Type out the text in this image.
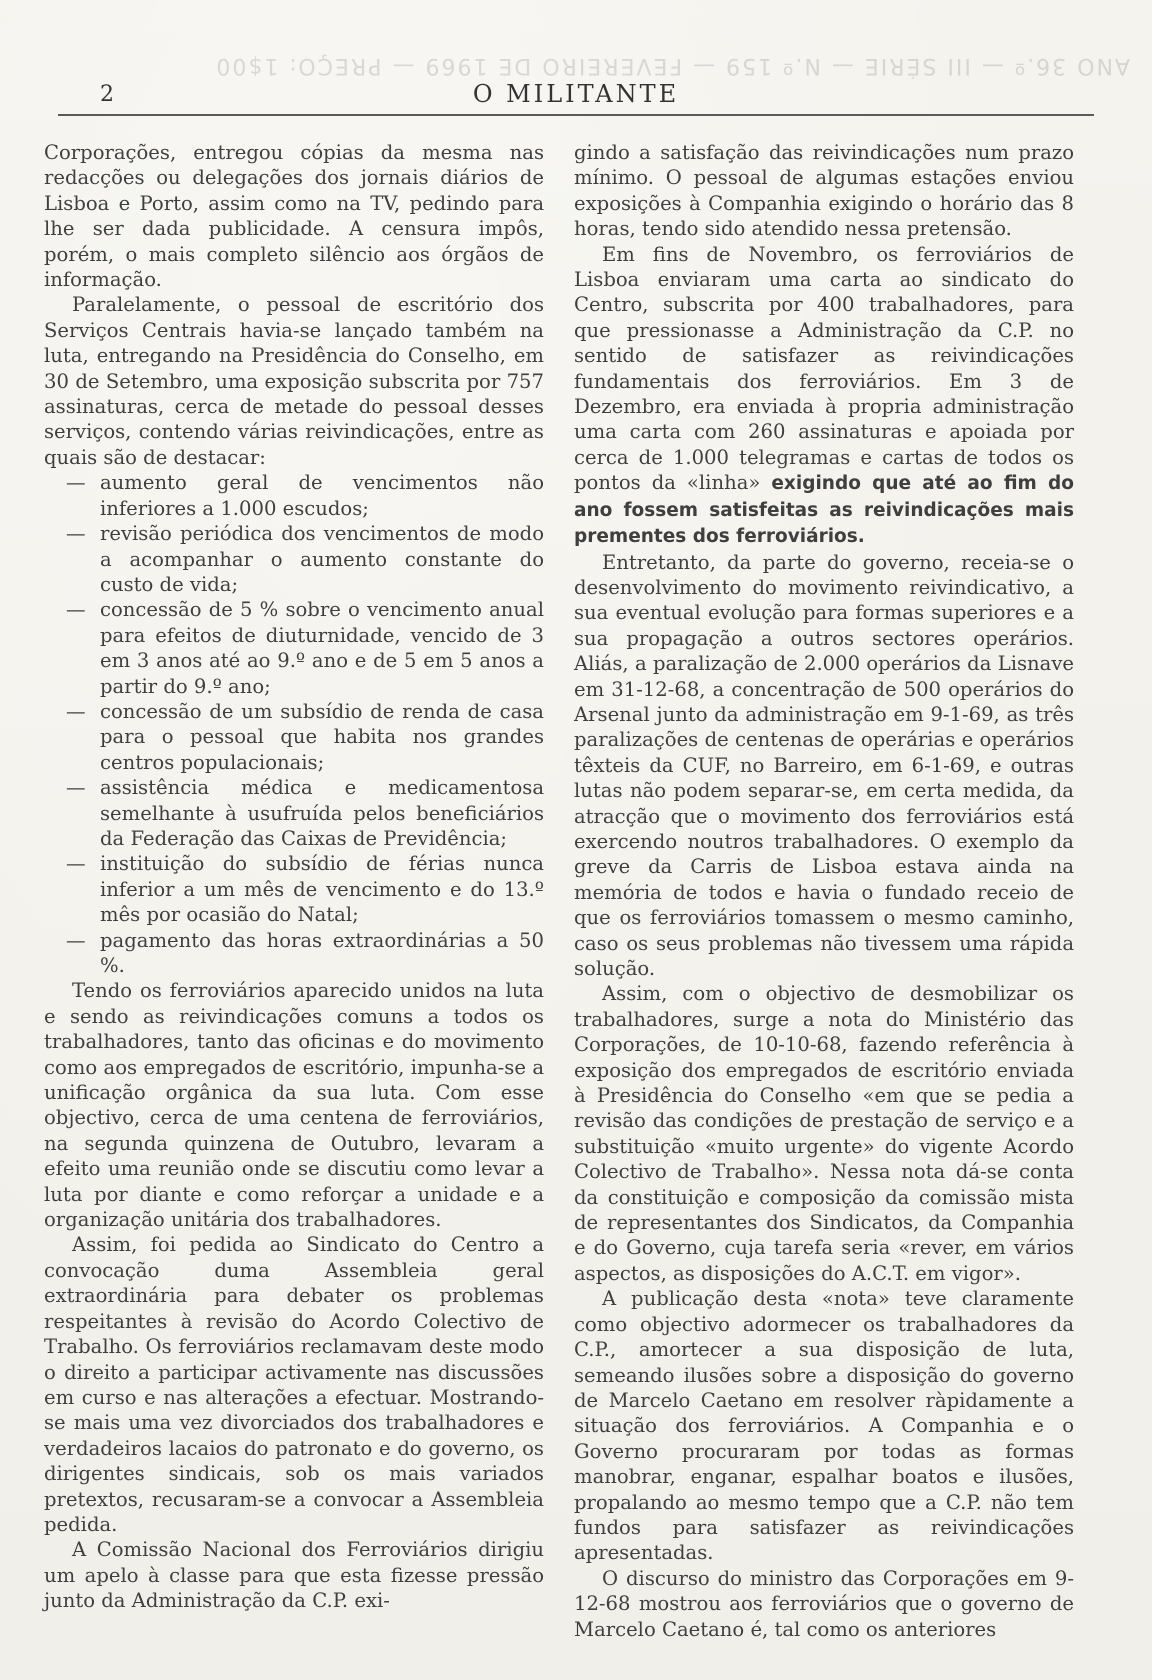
ANO 36.º — III SÉRIE — N.º 159 — FEVEREIRO DE 1969 — PREÇO: 1$00
2	O MILITANTE

Corporações, entregou cópias da mesma nas redacções ou delegações dos jornais diários de Lisboa e Porto, assim como na TV, pedindo para lhe ser dada publicidade. A censura impôs, porém, o mais completo silêncio aos órgãos de informação.

Paralelamente, o pessoal de escritório dos Serviços Centrais havia-se lançado também na luta, entregando na Presidência do Conselho, em 30 de Setembro, uma exposição subscrita por 757 assinaturas, cerca de metade do pessoal desses serviços, contendo várias reivindicações, entre as quais são de destacar:

— aumento geral de vencimentos não inferiores a 1.000 escudos;
— revisão periódica dos vencimentos de modo a acompanhar o aumento constante do custo de vida;
— concessão de 5 % sobre o vencimento anual para efeitos de diuturnidade, vencido de 3 em 3 anos até ao 9.º ano e de 5 em 5 anos a partir do 9.º ano;
— concessão de um subsídio de renda de casa para o pessoal que habita nos grandes centros populacionais;
— assistência médica e medicamentosa semelhante à usufruída pelos beneficiários da Federação das Caixas de Previdência;
— instituição do subsídio de férias nunca inferior a um mês de vencimento e do 13.º mês por ocasião do Natal;
— pagamento das horas extraordinárias a 50 %.

Tendo os ferroviários aparecido unidos na luta e sendo as reivindicações comuns a todos os trabalhadores, tanto das oficinas e do movimento como aos empregados de escritório, impunha-se a unificação orgânica da sua luta. Com esse objectivo, cerca de uma centena de ferroviários, na segunda quinzena de Outubro, levaram a efeito uma reunião onde se discutiu como levar a luta por diante e como reforçar a unidade e a organização unitária dos trabalhadores.

Assim, foi pedida ao Sindicato do Centro a convocação duma Assembleia geral extraordinária para debater os problemas respeitantes à revisão do Acordo Colectivo de Trabalho. Os ferroviários reclamavam deste modo o direito a participar activamente nas discussões em curso e nas alterações a efectuar. Mostrando-se mais uma vez divorciados dos trabalhadores e verdadeiros lacaios do patronato e do governo, os dirigentes sindicais, sob os mais variados pretextos, recusaram-se a convocar a Assembleia pedida.

A Comissão Nacional dos Ferroviários dirigiu um apelo à classe para que esta fizesse pressão junto da Administração da C.P. exi-

gindo a satisfação das reivindicações num prazo mínimo. O pessoal de algumas estações enviou exposições à Companhia exigindo o horário das 8 horas, tendo sido atendido nessa pretensão.

Em fins de Novembro, os ferroviários de Lisboa enviaram uma carta ao sindicato do Centro, subscrita por 400 trabalhadores, para que pressionasse a Administração da C.P. no sentido de satisfazer as reivindicações fundamentais dos ferroviários. Em 3 de Dezembro, era enviada à propria administração uma carta com 260 assinaturas e apoiada por cerca de 1.000 telegramas e cartas de todos os pontos da «linha» exigindo que até ao fim do ano fossem satisfeitas as reivindicações mais prementes dos ferroviários.

Entretanto, da parte do governo, receia-se o desenvolvimento do movimento reivindicativo, a sua eventual evolução para formas superiores e a sua propagação a outros sectores operários. Aliás, a paralização de 2.000 operários da Lisnave em 31-12-68, a concentração de 500 operários do Arsenal junto da administração em 9-1-69, as três paralizações de centenas de operárias e operários têxteis da CUF, no Barreiro, em 6-1-69, e outras lutas não podem separar-se, em certa medida, da atracção que o movimento dos ferroviários está exercendo noutros trabalhadores. O exemplo da greve da Carris de Lisboa estava ainda na memória de todos e havia o fundado receio de que os ferroviários tomassem o mesmo caminho, caso os seus problemas não tivessem uma rápida solução.

Assim, com o objectivo de desmobilizar os trabalhadores, surge a nota do Ministério das Corporações, de 10-10-68, fazendo referência à exposição dos empregados de escritório enviada à Presidência do Conselho «em que se pedia a revisão das condições de prestação de serviço e a substituição «muito urgente» do vigente Acordo Colectivo de Trabalho». Nessa nota dá-se conta da constituição e composição da comissão mista de representantes dos Sindicatos, da Companhia e do Governo, cuja tarefa seria «rever, em vários aspectos, as disposições do A.C.T. em vigor».

A publicação desta «nota» teve claramente como objectivo adormecer os trabalhadores da C.P., amortecer a sua disposição de luta, semeando ilusões sobre a disposição do governo de Marcelo Caetano em resolver ràpidamente a situação dos ferroviários. A Companhia e o Governo procuraram por todas as formas manobrar, enganar, espalhar boatos e ilusões, propalando ao mesmo tempo que a C.P. não tem fundos para satisfazer as reivindicações apresentadas.

O discurso do ministro das Corporações em 9-12-68 mostrou aos ferroviários que o governo de Marcelo Caetano é, tal como os anteriores
